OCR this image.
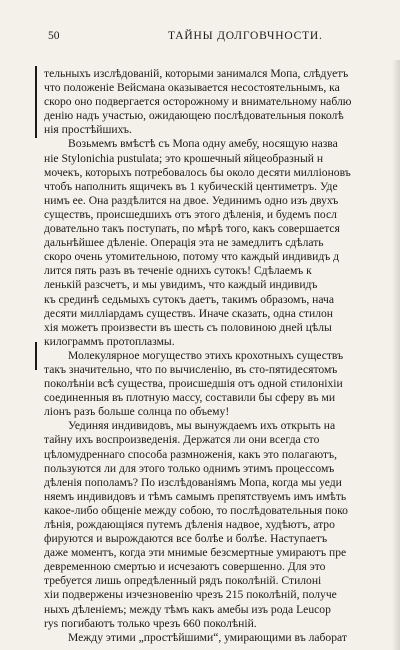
50	ТАЙНЫ ДОЛГОВЧНОСТИ.
тельныхъ изслѣдованій, которыми занимался Мопа, слѣдуетъ
что положеніе Вейсмана оказывается несостоятельнымъ, ка
скоро оно подвергается осторожному и внимательному наблю
денію надъ участью, ожидающею послѣдовательныя поколѣ
нія простѣйшихъ.
Возьмемъ вмѣстѣ съ Мопа одну амебу, носящую назва
ніе Stylonichia pustulata; это крошечный яйцеобразный н
мочекъ, которыхъ потребовалось бы около десяти милліоновъ
чтобъ наполнить ящичекъ въ 1 кубическій центиметръ. Уде
нимъ ее. Она раздѣлится на двое. Уединимъ одно изъ двухъ
существъ, происшедшихъ отъ этого дѣленія, и будемъ посл
довательно такъ поступать, по мѣрѣ того, какъ совершается
дальнѣйшее дѣленіе. Операція эта не замедлитъ сдѣлать
скоро очень утомительною, потому что каждый индивидъ д
лится пять разъ въ теченіе однихъ сутокъ! Сдѣлаемъ к
ленькій разсчетъ, и мы увидимъ, что каждый индивидъ
къ срединѣ седьмыхъ сутокъ даетъ, такимъ образомъ, нача
десяти милліардамъ существъ. Иначе сказать, одна стилон
хія можетъ произвести въ шесть съ половиною дней цѣлы
килограммъ протоплазмы.
Молекулярное могущество этихъ крохотныхъ существъ
такъ значительно, что по вычисленію, въ сто-пятидесятомъ
поколѣніи всѣ существа, происшедшія отъ одной стилоніхіи
соединенныя въ плотную массу, составили бы сферу въ ми
ліонъ разъ больше солнца по объему!
Уединяя индивидовъ, мы вынуждаемъ ихъ открыть на
тайну ихъ воспроизведенія. Держатся ли они всегда сто
цѣломудреннаго способа размноженія, какъ это полагаютъ,
пользуются ли для этого только однимъ этимъ процессомъ
дѣленія пополамъ? По изслѣдованіямъ Мопа, когда мы уеди
няемъ индивидовъ и тѣмъ самымъ препятствуемъ имъ имѣть
какое-либо общеніе между собою, то послѣдовательныя поко
лѣнія, рождающіяся путемъ дѣленія надвое, худѣютъ, атро
фируются и вырождаются все болѣе и болѣе. Наступаетъ
даже моментъ, когда эти мнимые безсмертные умираютъ пре
девременною смертью и исчезаютъ совершенно. Для это
требуется лишь опредѣленный рядъ поколѣній. Стилоні
хіи подвержены изчезновенію чрезъ 215 поколѣній, получе
ныхъ дѣленіемъ; между тѣмъ какъ амебы изъ рода Leucop
rys погибаютъ только чрезъ 660 поколѣній.
Между этими „простѣйшими“, умирающими въ лаборат
